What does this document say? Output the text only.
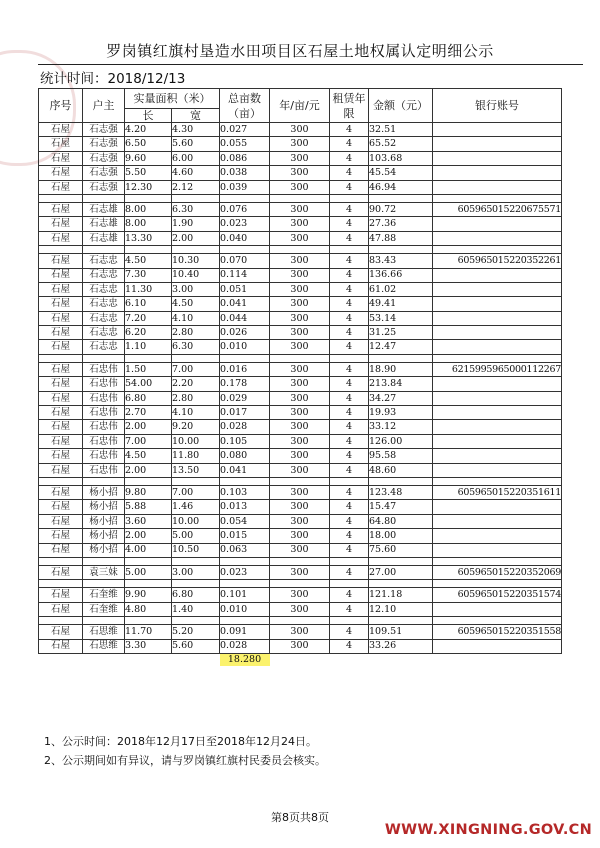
罗岗镇红旗村垦造水田项目区石屋土地权属认定明细公示
统计时间：2018/12/13
序号	户主	实量面积（米）		总亩数（亩）	年/亩/元	租赁年限	金额（元）	银行账号
		长	宽					
石屋	石志强	4.20	4.30	0.027	300	4	32.51	
石屋	石志强	6.50	5.60	0.055	300	4	65.52	
石屋	石志强	9.60	6.00	0.086	300	4	103.68	
石屋	石志强	5.50	4.60	0.038	300	4	45.54	
石屋	石志强	12.30	2.12	0.039	300	4	46.94	

石屋	石志雄	8.00	6.30	0.076	300	4	90.72	605965015220675571
石屋	石志雄	8.00	1.90	0.023	300	4	27.36	
石屋	石志雄	13.30	2.00	0.040	300	4	47.88	

石屋	石志忠	4.50	10.30	0.070	300	4	83.43	605965015220352261
石屋	石志忠	7.30	10.40	0.114	300	4	136.66	
石屋	石志忠	11.30	3.00	0.051	300	4	61.02	
石屋	石志忠	6.10	4.50	0.041	300	4	49.41	
石屋	石志忠	7.20	4.10	0.044	300	4	53.14	
石屋	石志忠	6.20	2.80	0.026	300	4	31.25	
石屋	石志忠	1.10	6.30	0.010	300	4	12.47	

石屋	石忠伟	1.50	7.00	0.016	300	4	18.90	6215995965000112267
石屋	石忠伟	54.00	2.20	0.178	300	4	213.84	
石屋	石忠伟	6.80	2.80	0.029	300	4	34.27	
石屋	石忠伟	2.70	4.10	0.017	300	4	19.93	
石屋	石忠伟	2.00	9.20	0.028	300	4	33.12	
石屋	石忠伟	7.00	10.00	0.105	300	4	126.00	
石屋	石忠伟	4.50	11.80	0.080	300	4	95.58	
石屋	石忠伟	2.00	13.50	0.041	300	4	48.60	

石屋	杨小招	9.80	7.00	0.103	300	4	123.48	605965015220351611
石屋	杨小招	5.88	1.46	0.013	300	4	15.47	
石屋	杨小招	3.60	10.00	0.054	300	4	64.80	
石屋	杨小招	2.00	5.00	0.015	300	4	18.00	
石屋	杨小招	4.00	10.50	0.063	300	4	75.60	

石屋	袁三妹	5.00	3.00	0.023	300	4	27.00	605965015220352069

石屋	石奎维	9.90	6.80	0.101	300	4	121.18	605965015220351574
石屋	石奎维	4.80	1.40	0.010	300	4	12.10	

石屋	石思维	11.70	5.20	0.091	300	4	109.51	605965015220351558
石屋	石思维	3.30	5.60	0.028	300	4	33.26	
				18.280				
1、公示时间：2018年12月17日至2018年12月24日。
2、公示期间如有异议，请与罗岗镇红旗村民委员会核实。
第8页共8页
WWW.XINGNING.GOV.CN
